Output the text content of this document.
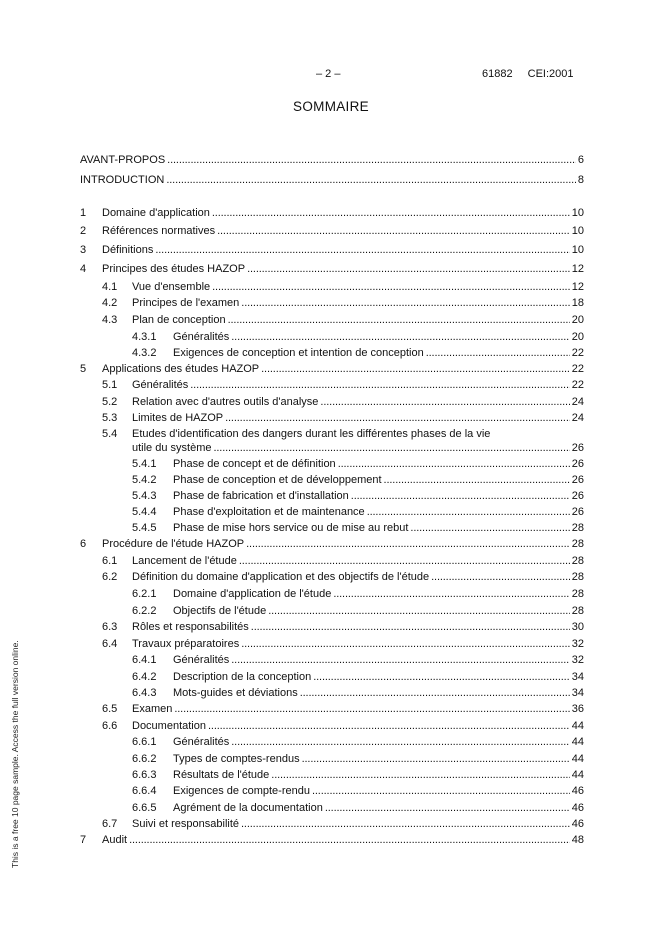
– 2 –	61882 CEI:2001
SOMMAIRE
AVANT-PROPOS . . .	6
INTRODUCTION . . .	8
1 Domaine d'application . . .	10
2 Références normatives . . .	10
3 Définitions . . .	10
4 Principes des études HAZOP . . .	12
4.1 Vue d'ensemble . . .	12
4.2 Principes de l'examen . . .	18
4.3 Plan de conception . . .	20
4.3.1 Généralités . . .	20
4.3.2 Exigences de conception et intention de conception . . .	22
5 Applications des études HAZOP . . .	22
5.1 Généralités . . .	22
5.2 Relation avec d'autres outils d'analyse . . .	24
5.3 Limites de HAZOP . . .	24
5.4 Etudes d'identification des dangers durant les différentes phases de la vie
utile du système . . .	26
5.4.1 Phase de concept et de définition . . .	26
5.4.2 Phase de conception et de développement . . .	26
5.4.3 Phase de fabrication et d'installation . . .	26
5.4.4 Phase d'exploitation et de maintenance . . .	26
5.4.5 Phase de mise hors service ou de mise au rebut . . .	28
6 Procédure de l'étude HAZOP . . .	28
6.1 Lancement de l'étude . . .	28
6.2 Définition du domaine d'application et des objectifs de l'étude . . .	28
6.2.1 Domaine d'application de l'étude . . .	28
6.2.2 Objectifs de l'étude . . .	28
6.3 Rôles et responsabilités . . .	30
6.4 Travaux préparatoires . . .	32
6.4.1 Généralités . . .	32
6.4.2 Description de la conception . . .	34
6.4.3 Mots-guides et déviations . . .	34
6.5 Examen . . .	36
6.6 Documentation . . .	44
6.6.1 Généralités . . .	44
6.6.2 Types de comptes-rendus . . .	44
6.6.3 Résultats de l'étude . . .	44
6.6.4 Exigences de compte-rendu . . .	46
6.6.5 Agrément de la documentation . . .	46
6.7 Suivi et responsabilité . . .	46
7 Audit . . .	48
This is a free 10 page sample. Access the full version online.
